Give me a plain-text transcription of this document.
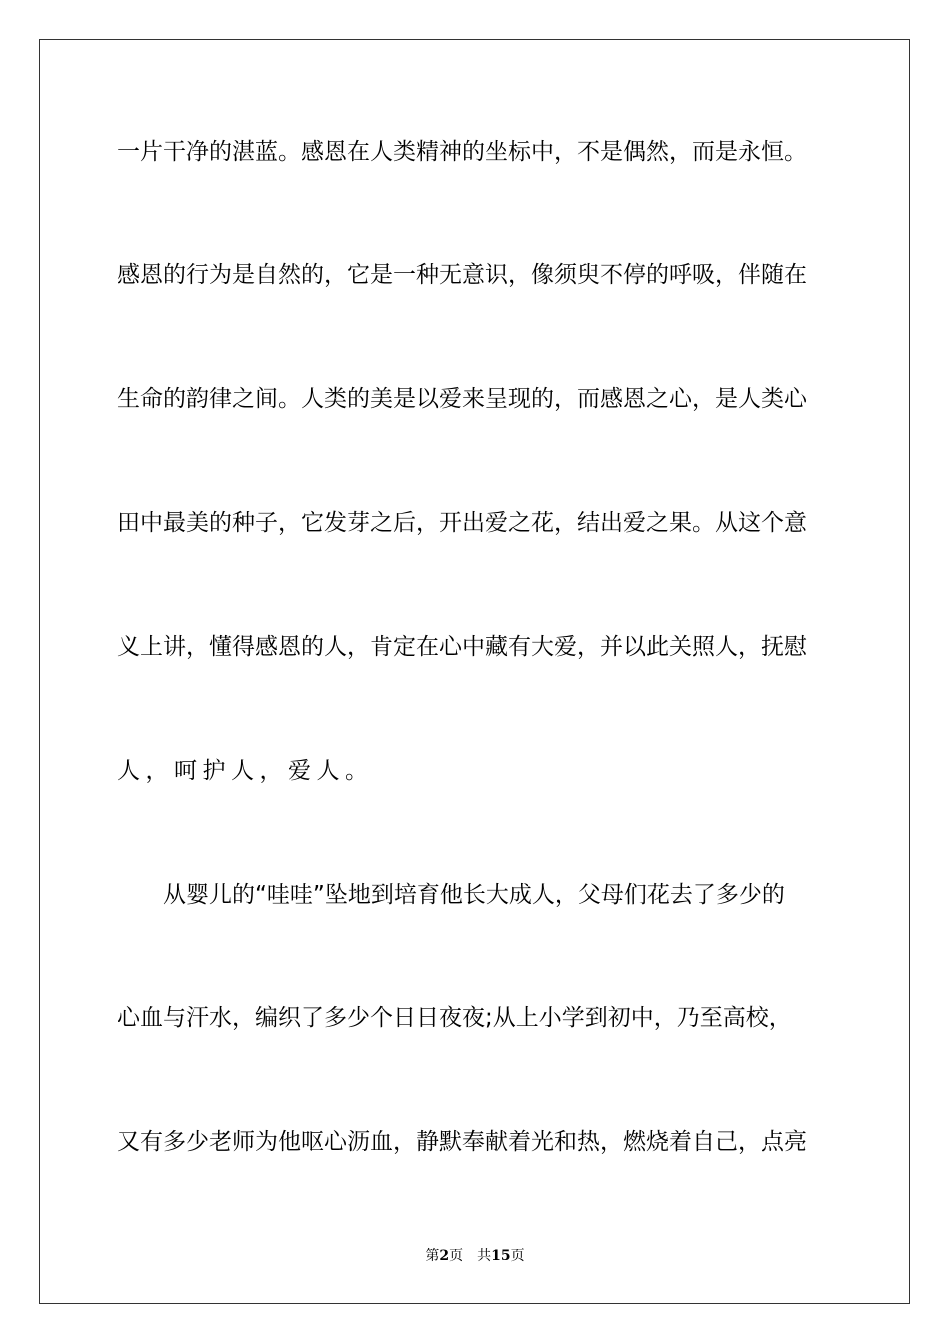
一片干净的湛蓝。感恩在人类精神的坐标中，不是偶然，而是永恒。
感恩的行为是自然的，它是一种无意识，像须臾不停的呼吸，伴随在
生命的韵律之间。人类的美是以爱来呈现的，而感恩之心，是人类心
田中最美的种子，它发芽之后，开出爱之花，结出爱之果。从这个意
义上讲，懂得感恩的人，肯定在心中藏有大爱，并以此关照人，抚慰
人，呵护人，爱人。
从婴儿的“哇哇”坠地到培育他长大成人，父母们花去了多少的
心血与汗水，编织了多少个日日夜夜;从上小学到初中，乃至高校，
又有多少老师为他呕心沥血，静默奉献着光和热，燃烧着自己，点亮
第2页 共15页
